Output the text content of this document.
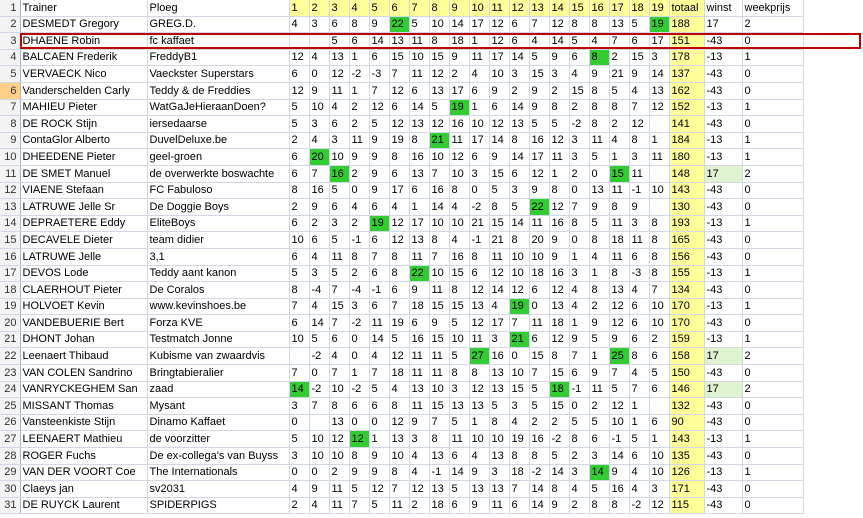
1	Trainer	Ploeg	1	2	3	4	5	6	7	8	9	10	11	12	13	14	15	16	17	18	19	totaal	winst	weekprijs
2	DESMEDT Gregory	GREG.D.	4	3	6	8	9	22	5	10	14	17	12	6	7	12	8	8	13	5	19	188	17	2
3	DHAENE Robin	fc kaffaet			5	6	14	13	11	8	18	1	12	6	4	14	5	4	7	6	17	151	-43	0
4	BALCAEN Frederik	FreddyB1	12	4	13	1	6	15	10	15	9	11	17	14	5	9	6	8	2	15	3	178	-13	1
5	VERVAECK Nico	Vaeckster Superstars	6	0	12	-2	-3	7	11	12	2	4	10	3	15	3	4	9	21	9	14	137	-43	0
6	Vanderschelden Carly	Teddy & de Freddies	12	9	11	1	7	12	6	13	17	6	9	2	9	2	15	8	5	4	13	162	-43	0
7	MAHIEU Pieter	WatGaJeHieraanDoen?	5	10	4	2	12	6	14	5	19	1	6	14	9	8	2	8	8	7	12	152	-13	1
8	DE ROCK Stijn	iersedaarse	5	3	6	2	5	12	13	12	16	10	12	13	5	5	-2	8	2	12		141	-43	0
9	ContaGlor Alberto	DuvelDeluxe.be	2	4	3	11	9	19	8	21	11	17	14	8	16	12	3	11	4	8	1	184	-13	1
10	DHEEDENE Pieter	geel-groen	6	20	10	9	9	8	16	10	12	6	9	14	17	11	3	5	1	3	11	180	-13	1
11	DE SMET Manuel	de overwerkte boswachte	6	7	16	2	9	6	13	7	10	3	15	6	12	1	2	0	15	11		148	17	2
12	VIAENE Stefaan	FC Fabuloso	8	16	5	0	9	17	6	16	8	0	5	3	9	8	0	13	11	-1	10	143	-43	0
13	LATRUWE Jelle Sr	De Doggie Boys	2	9	6	4	6	4	1	14	4	-2	8	5	22	12	7	9	8	9		130	-43	0
14	DEPRAETERE Eddy	EliteBoys	6	2	3	2	19	12	17	10	10	21	15	14	11	16	8	5	11	3	8	193	-13	1
15	DECAVELE Dieter	team didier	10	6	5	-1	6	12	13	8	4	-1	21	8	20	9	0	8	18	11	8	165	-43	0
16	LATRUWE Jelle	3,1	6	4	11	8	7	8	11	7	16	8	11	10	10	9	1	4	11	6	8	156	-43	0
17	DEVOS Lode	Teddy aant kanon	5	3	5	2	6	8	22	10	15	6	12	10	18	16	3	1	8	-3	8	155	-13	1
18	CLAERHOUT Pieter	De Coralos	8	-4	7	-4	-1	6	9	11	8	12	14	12	6	12	4	8	13	4	7	134	-43	0
19	HOLVOET Kevin	www.kevinshoes.be	7	4	15	3	6	7	18	15	15	13	4	19	0	13	4	2	12	6	10	170	-13	1
20	VANDEBUERIE Bert	Forza KVE	6	14	7	-2	11	19	6	9	5	12	17	7	11	18	1	9	12	6	10	170	-43	0
21	DHONT Johan	Testmatch Jonne	10	5	6	0	14	5	16	15	10	11	3	21	6	12	9	5	9	6	2	159	-13	1
22	Leenaert Thibaud	Kubisme van zwaardvis		-2	4	0	4	12	11	11	5	27	16	0	15	8	7	1	25	8	6	158	17	2
23	VAN COLEN Sandrino	Bringtabieralier	7	0	7	1	7	18	11	11	8	8	13	10	7	15	6	9	7	4	5	150	-43	0
24	VANRYCKEGHEM San	zaad	14	-2	10	-2	5	4	13	10	3	12	13	15	5	18	-1	11	5	7	6	146	17	2
25	MISSANT Thomas	Mysant	3	7	8	6	6	8	11	15	13	13	5	3	5	15	0	2	12	1		132	-43	0
26	Vansteenkiste Stijn	Dinamo Kaffaet	0		13	0	0	12	9	7	5	1	8	4	2	2	5	5	10	1	6	90	-43	0
27	LEENAERT Mathieu	de voorzitter	5	10	12	12	1	13	3	8	11	10	10	19	16	-2	8	6	-1	5	1	143	-13	1
28	ROGER Fuchs	De ex-collega's van Buyss	3	10	10	8	9	10	4	13	6	4	13	8	8	5	2	3	14	6	10	135	-43	0
29	VAN DER VOORT Coe	The Internationals	0	0	2	9	9	8	4	-1	14	9	3	18	-2	14	3	14	9	4	10	126	-13	1
30	Claeys jan	sv2031	4	9	11	5	12	7	12	13	5	13	13	7	14	8	4	5	16	4	3	171	-43	0
31	DE RUYCK Laurent	SPIDERPIGS	2	4	11	7	5	11	2	18	6	9	11	6	14	9	2	8	8	-2	12	115	-43	0
